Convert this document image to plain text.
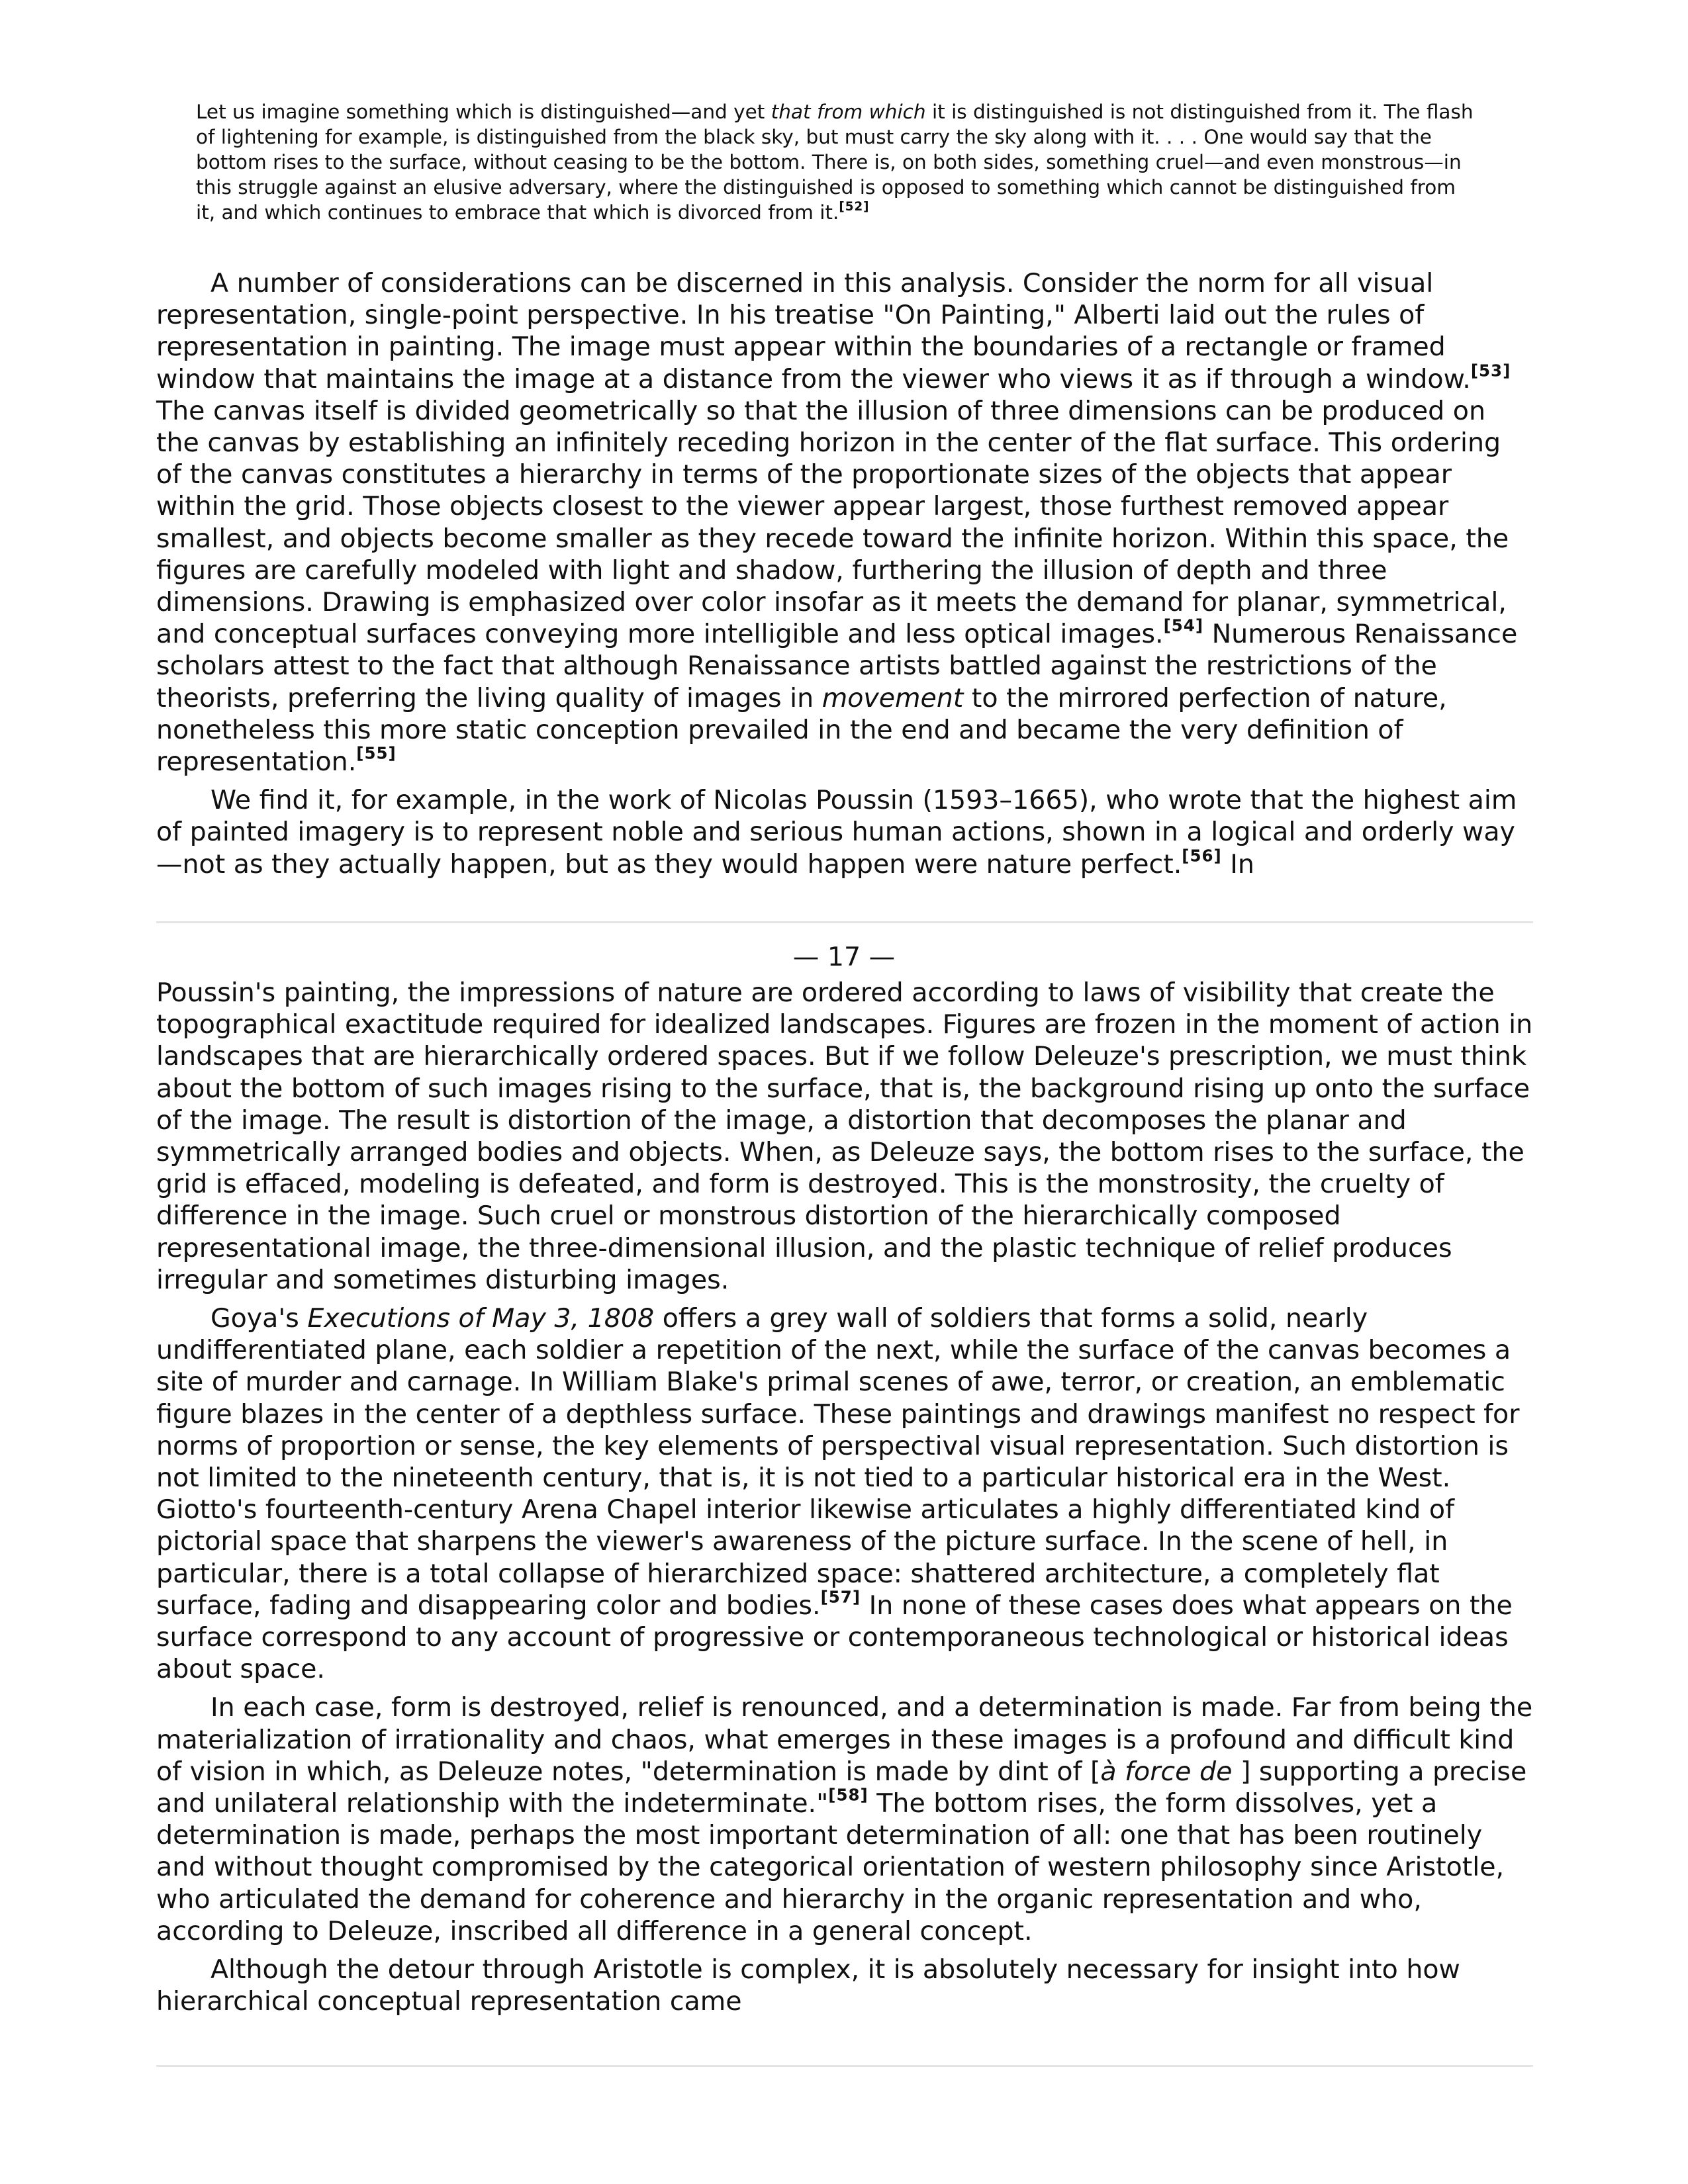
Let us imagine something which is distinguished—and yet that from which it is distinguished is not distinguished from it. The flash of lightening for example, is distinguished from the black sky, but must carry the sky along with it. . . . One would say that the bottom rises to the surface, without ceasing to be the bottom. There is, on both sides, something cruel—and even monstrous—in this struggle against an elusive adversary, where the distinguished is opposed to something which cannot be distinguished from it, and which continues to embrace that which is divorced from it.[52]

A number of considerations can be discerned in this analysis. Consider the norm for all visual representation, single-point perspective. In his treatise "On Painting," Alberti laid out the rules of representation in painting. The image must appear within the boundaries of a rectangle or framed window that maintains the image at a distance from the viewer who views it as if through a window.[53] The canvas itself is divided geometrically so that the illusion of three dimensions can be produced on the canvas by establishing an infinitely receding horizon in the center of the flat surface. This ordering of the canvas constitutes a hierarchy in terms of the proportionate sizes of the objects that appear within the grid. Those objects closest to the viewer appear largest, those furthest removed appear smallest, and objects become smaller as they recede toward the infinite horizon. Within this space, the figures are carefully modeled with light and shadow, furthering the illusion of depth and three dimensions. Drawing is emphasized over color insofar as it meets the demand for planar, symmetrical, and conceptual surfaces conveying more intelligible and less optical images.[54] Numerous Renaissance scholars attest to the fact that although Renaissance artists battled against the restrictions of the theorists, preferring the living quality of images in movement to the mirrored perfection of nature, nonetheless this more static conception prevailed in the end and became the very definition of representation.[55]

We find it, for example, in the work of Nicolas Poussin (1593–1665), who wrote that the highest aim of painted imagery is to represent noble and serious human actions, shown in a logical and orderly way—not as they actually happen, but as they would happen were nature perfect.[56] In

— 17 —

Poussin's painting, the impressions of nature are ordered according to laws of visibility that create the topographical exactitude required for idealized landscapes. Figures are frozen in the moment of action in landscapes that are hierarchically ordered spaces. But if we follow Deleuze's prescription, we must think about the bottom of such images rising to the surface, that is, the background rising up onto the surface of the image. The result is distortion of the image, a distortion that decomposes the planar and symmetrically arranged bodies and objects. When, as Deleuze says, the bottom rises to the surface, the grid is effaced, modeling is defeated, and form is destroyed. This is the monstrosity, the cruelty of difference in the image. Such cruel or monstrous distortion of the hierarchically composed representational image, the three-dimensional illusion, and the plastic technique of relief produces irregular and sometimes disturbing images.

Goya's Executions of May 3, 1808 offers a grey wall of soldiers that forms a solid, nearly undifferentiated plane, each soldier a repetition of the next, while the surface of the canvas becomes a site of murder and carnage. In William Blake's primal scenes of awe, terror, or creation, an emblematic figure blazes in the center of a depthless surface. These paintings and drawings manifest no respect for norms of proportion or sense, the key elements of perspectival visual representation. Such distortion is not limited to the nineteenth century, that is, it is not tied to a particular historical era in the West. Giotto's fourteenth-century Arena Chapel interior likewise articulates a highly differentiated kind of pictorial space that sharpens the viewer's awareness of the picture surface. In the scene of hell, in particular, there is a total collapse of hierarchized space: shattered architecture, a completely flat surface, fading and disappearing color and bodies.[57] In none of these cases does what appears on the surface correspond to any account of progressive or contemporaneous technological or historical ideas about space.

In each case, form is destroyed, relief is renounced, and a determination is made. Far from being the materialization of irrationality and chaos, what emerges in these images is a profound and difficult kind of vision in which, as Deleuze notes, "determination is made by dint of [à force de ] supporting a precise and unilateral relationship with the indeterminate."[58] The bottom rises, the form dissolves, yet a determination is made, perhaps the most important determination of all: one that has been routinely and without thought compromised by the categorical orientation of western philosophy since Aristotle, who articulated the demand for coherence and hierarchy in the organic representation and who, according to Deleuze, inscribed all difference in a general concept.

Although the detour through Aristotle is complex, it is absolutely necessary for insight into how hierarchical conceptual representation came
